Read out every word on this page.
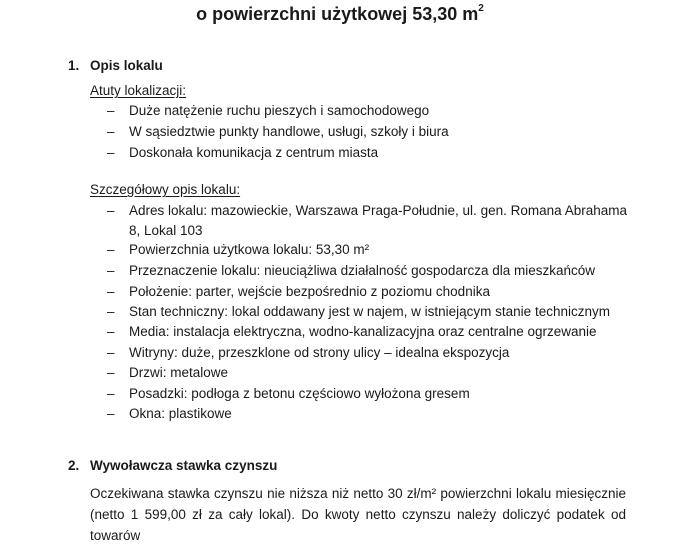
o powierzchni użytkowej 53,30 $m^2$
1. Opis lokalu
Atuty lokalizacji:
– Duże natężenie ruchu pieszych i samochodowego
– W sąsiedztwie punkty handlowe, usługi, szkoły i biura
– Doskonała komunikacja z centrum miasta
Szczegółowy opis lokalu:
– Adres lokalu: mazowieckie, Warszawa Praga-Południe, ul. gen. Romana Abrahama 8, Lokal 103
– Powierzchnia użytkowa lokalu: 53,30 m²
– Przeznaczenie lokalu: nieuciążliwa działalność gospodarcza dla mieszkańców
– Położenie: parter, wejście bezpośrednio z poziomu chodnika
– Stan techniczny: lokal oddawany jest w najem, w istniejącym stanie technicznym
– Media: instalacja elektryczna, wodno-kanalizacyjna oraz centralne ogrzewanie
– Witryny: duże, przeszklone od strony ulicy – idealna ekspozycja
– Drzwi: metalowe
– Posadzki: podłoga z betonu częściowo wyłożona gresem
– Okna: plastikowe
2. Wywoławcza stawka czynszu
Oczekiwana stawka czynszu nie niższa niż netto 30 zł/m² powierzchni lokalu miesięcznie (netto 1 599,00 zł za cały lokal). Do kwoty netto czynszu należy doliczyć podatek od towarów
